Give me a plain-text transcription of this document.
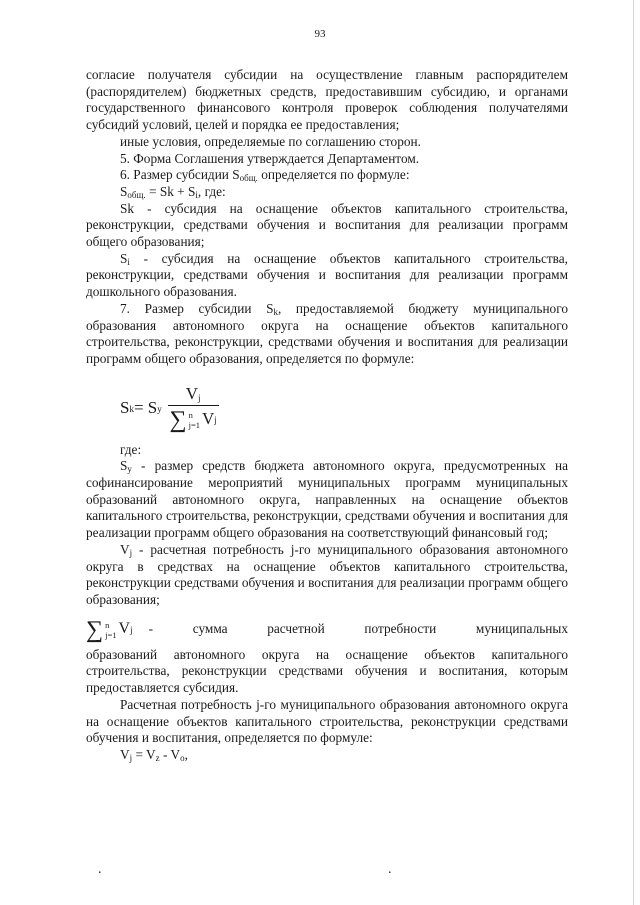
93

согласие получателя субсидии на осуществление главным распорядителем (распорядителем) бюджетных средств, предоставившим субсидию, и органами государственного финансового контроля проверок соблюдения получателями субсидий условий, целей и порядка ее предоставления;

иные условия, определяемые по соглашению сторон.

5. Форма Соглашения утверждается Департаментом.

6. Размер субсидии $S_{общ.}$ определяется по формуле:

$S_{общ.} = Sk + S_i$, где:

Sk - субсидия на оснащение объектов капитального строительства, реконструкции, средствами обучения и воспитания для реализации программ общего образования;

$S_i$ - субсидия на оснащение объектов капитального строительства, реконструкции, средствами обучения и воспитания для реализации программ дошкольного образования.

7. Размер субсидии $S_k$, предоставляемой бюджету муниципального образования автономного округа на оснащение объектов капитального строительства, реконструкции, средствами обучения и воспитания для реализации программ общего образования, определяется по формуле:

S k = S y $V_j$
∑ n
j=1 V j

где:

$S_y$ - размер средств бюджета автономного округа, предусмотренных на софинансирование мероприятий муниципальных программ муниципальных образований автономного округа, направленных на оснащение объектов капитального строительства, реконструкции, средствами обучения и воспитания для реализации программ общего образования на соответствующий финансовый год;

$V_j$ - расчетная потребность j-го муниципального образования автономного округа в средствах на оснащение объектов капитального строительства, реконструкции средствами обучения и воспитания для реализации программ общего образования;

∑ n
j=1 V j -	сумма	расчетной	потребности	муниципальных

образований автономного округа на оснащение объектов капитального строительства, реконструкции средствами обучения и воспитания, которым предоставляется субсидия.

Расчетная потребность j-го муниципального образования автономного округа на оснащение объектов капитального строительства, реконструкции средствами обучения и воспитания, определяется по формуле:

$V_j = V_z - V_o$,

.	.
